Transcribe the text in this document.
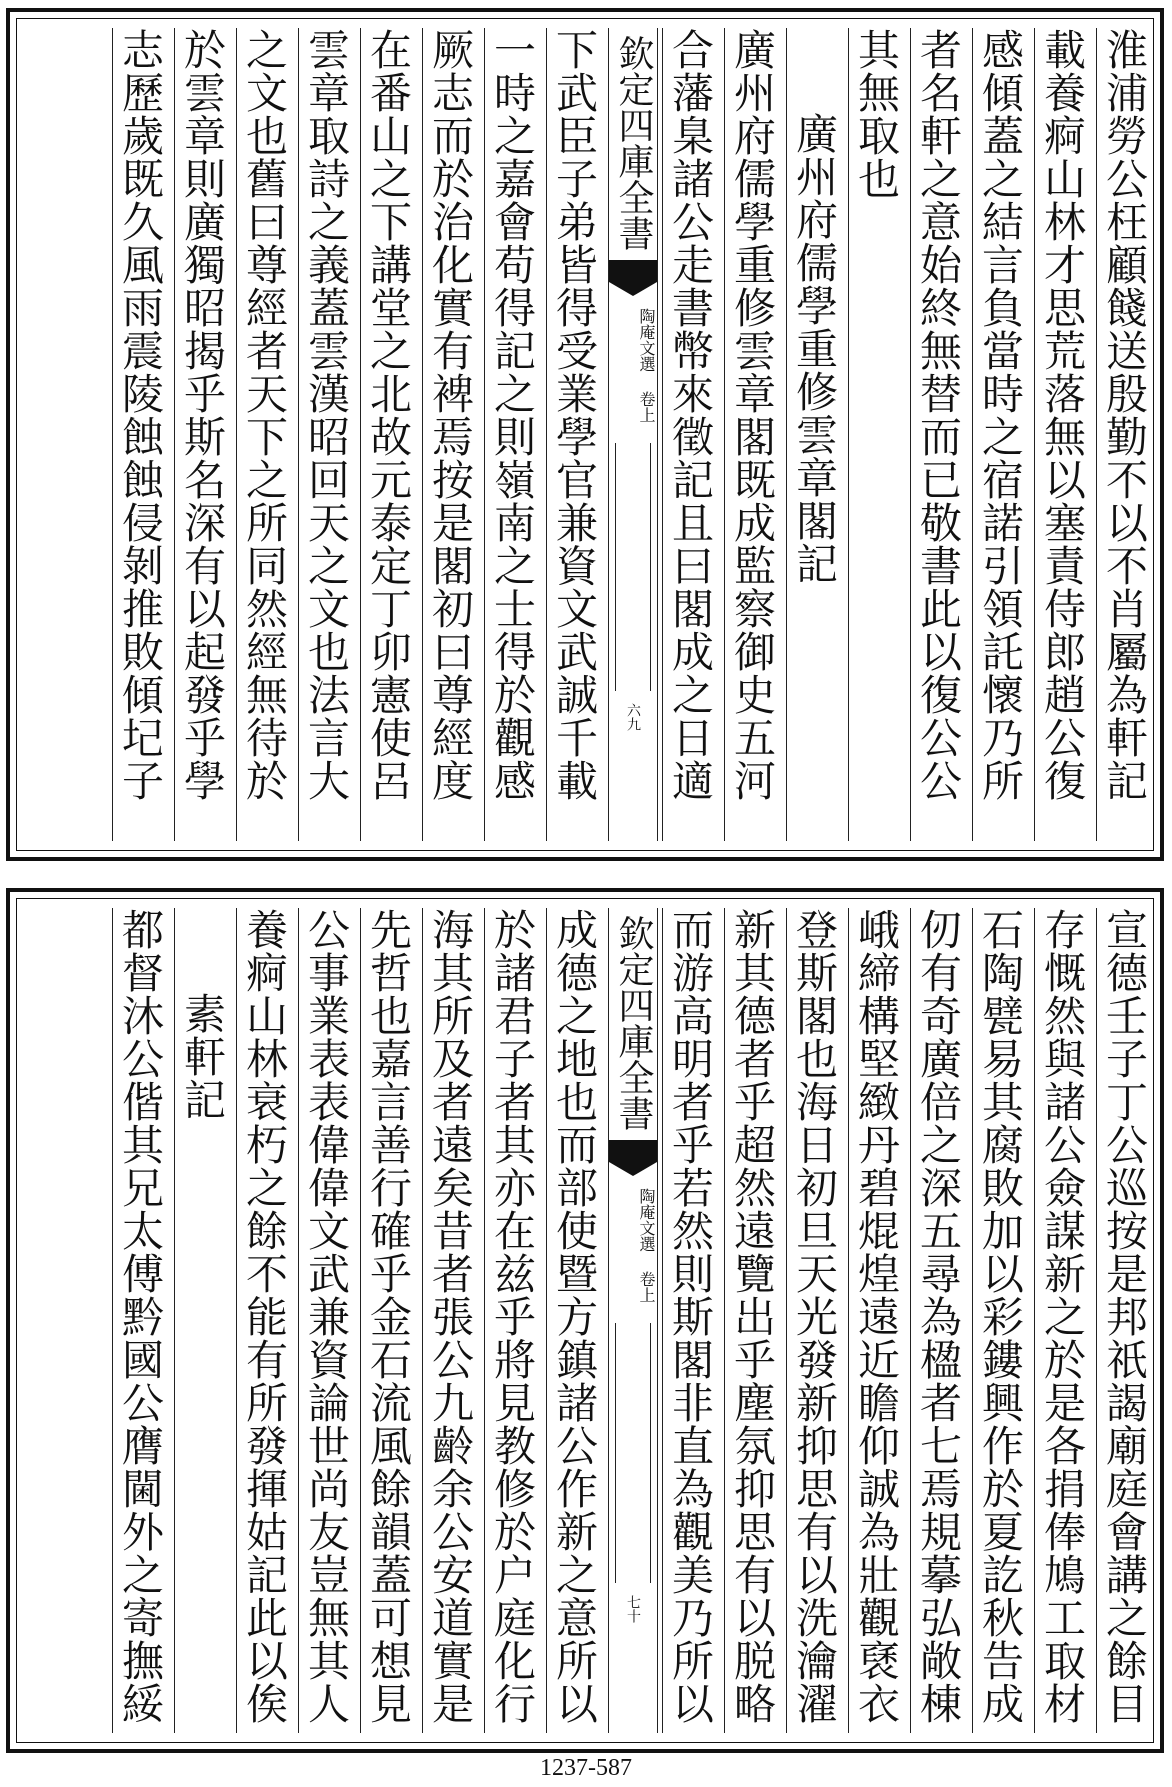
淮浦勞公枉顧餞送殷勤不以不肖屬為軒記
載養痾山林才思荒落無以塞責侍郎趙公復
感傾蓋之結言負當時之宿諾引領託懷乃所
者名軒之意始終無替而已敬書此以復公公
其無取也
廣州府儒學重修雲章閣記
廣州府儒學重修雲章閣既成監察御史五河
合藩臬諸公走書幣來徵記且曰閣成之日適
欽定四庫全書
陶庵文選 卷上
六九
下武臣子弟皆得受業學官兼資文武誠千載
一時之嘉會苟得記之則嶺南之士得於觀感
厥志而於治化實有裨焉按是閣初曰尊經度
在番山之下講堂之北故元泰定丁卯憲使呂
雲章取詩之義蓋雲漢昭回天之文也法言大
之文也舊曰尊經者天下之所同然經無待於
於雲章則廣獨昭揭乎斯名深有以起發乎學
志歷歲既久風雨震陵蝕蝕侵剝推敗傾圮子
宣德壬子丁公巡按是邦祇謁廟庭會講之餘目
存慨然與諸公僉謀新之於是各捐俸鳩工取材
石陶甓易其腐敗加以彩鏤興作於夏訖秋告成
仞有奇廣倍之深五尋為楹者七焉規摹弘敞棟
峨締構堅緻丹碧焜煌遠近瞻仰誠為壯觀褎衣
登斯閣也海日初旦天光發新抑思有以洗瀹濯
新其德者乎超然遠覽出乎塵氛抑思有以脱略
而游高明者乎若然則斯閣非直為觀美乃所以
欽定四庫全書
陶庵文選 卷上
七十
成德之地也而部使暨方鎮諸公作新之意所以
於諸君子者其亦在兹乎將見教修於户庭化行
海其所及者遠矣昔者張公九齡余公安道實是
先哲也嘉言善行確乎金石流風餘韻蓋可想見
公事業表表偉偉文武兼資論世尚友豈無其人
養痾山林衰朽之餘不能有所發揮姑記此以俟
素軒記
都督沐公偕其兄太傅黔國公膺閫外之寄撫綏
1237-587
